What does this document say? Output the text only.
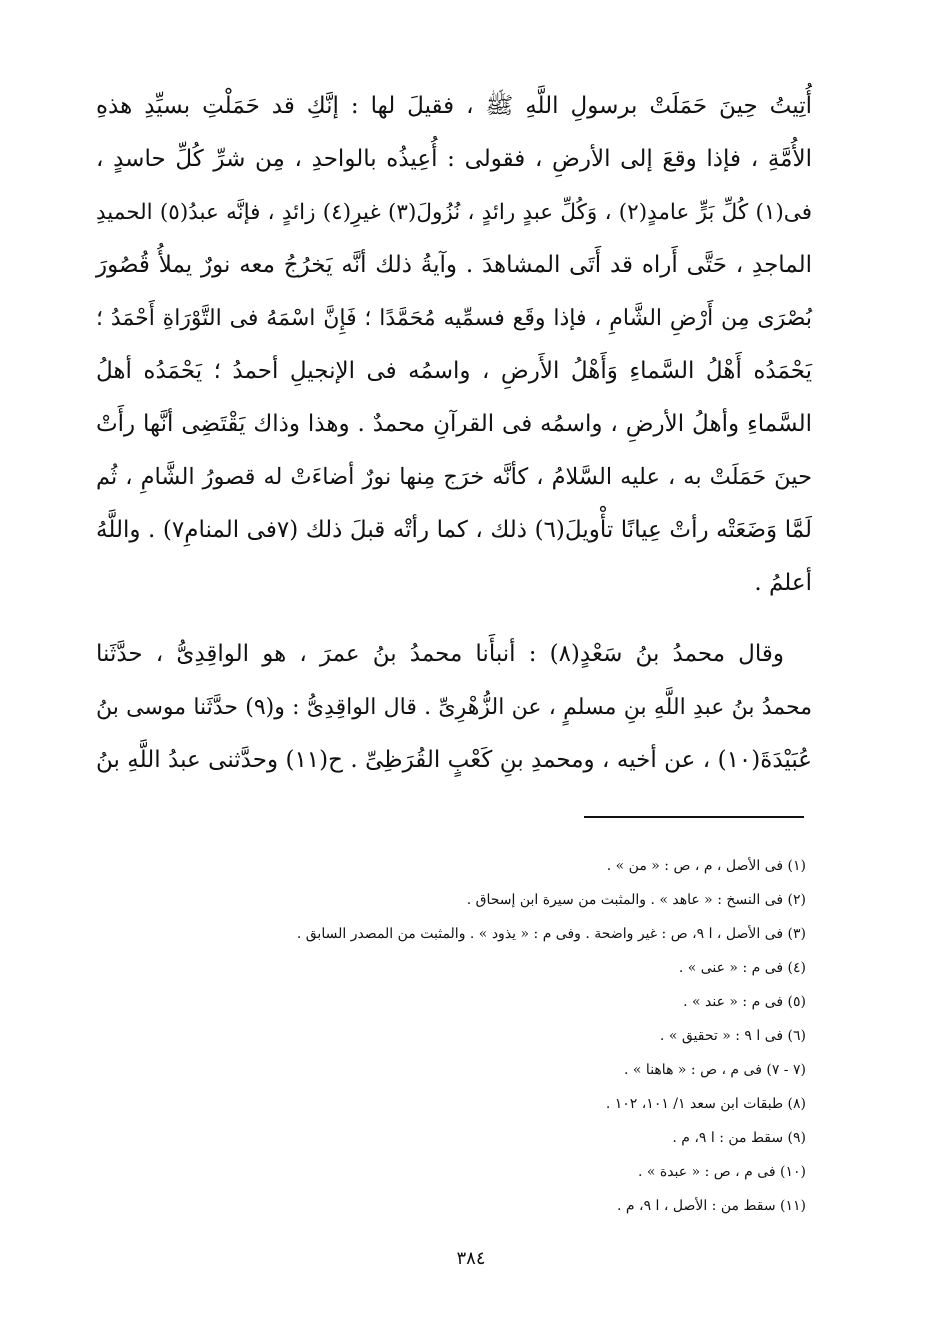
أُتِيتُ حِينَ حَمَلَتْ برسولِ اللَّهِ ﷺ ، فقيلَ لها : إنَّكِ قد حَمَلْتِ بسيِّدِ هذهِ
الأُمَّةِ ، فإذا وقعَ إلى الأرضِ ، فقولى : أُعِيذُه بالواحدِ ، مِن شرِّ كُلِّ حاسدٍ ،
فى(١) كُلِّ بَرٍّ عامدٍ(٢) ، وَكُلِّ عبدٍ رائدٍ ، نُزُولَ(٣) غيرِ(٤) زائدٍ ، فإنَّه عبدُ(٥) الحميدِ
الماجدِ ، حَتَّى أَراه قد أَتَى المشاهدَ . وآيةُ ذلك أنَّه يَخرُجُ معه نورٌ يملأُ قُصُورَ
بُصْرَى مِن أَرْضِ الشَّامِ ، فإذا وقَع فسمِّيه مُحَمَّدًا ؛ فَإِنَّ اسْمَهُ فى التَّوْرَاةِ أَحْمَدُ ؛
يَحْمَدُه أَهْلُ السَّماءِ وَأَهْلُ الأَرضِ ، واسمُه فى الإنجيلِ أحمدُ ؛ يَحْمَدُه أهلُ
السَّماءِ وأهلُ الأرضِ ، واسمُه فى القرآنِ محمدٌ . وهذا وذاك يَقْتَضِى أنَّها رأَتْ
حينَ حَمَلَتْ به ، عليه السَّلامُ ، كأنَّه خرَج مِنها نورٌ أضاءَتْ له قصورُ الشَّامِ ، ثُم
لَمَّا وَضَعَتْه رأتْ عِيانًا تأْويلَ(٦) ذلك ، كما رأتْه قبلَ ذلك (٧فى المنامِ٧) . واللَّهُ
أعلمُ .
وقال محمدُ بنُ سَعْدٍ(٨) : أنبأَنا محمدُ بنُ عمرَ ، هو الواقِدِىُّ ، حدَّثَنا
محمدُ بنُ عبدِ اللَّهِ بنِ مسلمٍ ، عن الزُّهْرِىِّ . قال الواقِدِىُّ : و(٩) حدَّثَنا موسى بنُ
عُبَيْدَةَ(١٠) ، عن أخيه ، ومحمدِ بنِ كَعْبٍ القُرَظِىِّ . ح(١١) وحدَّثنى عبدُ اللَّهِ بنُ
(١) فى الأصل ، م ، ص : « من » .
(٢) فى النسخ : « عاهد » . والمثبت من سيرة ابن إسحاق .
(٣) فى الأصل ، ا ٩، ص : غير واضحة . وفى م : « يذود » . والمثبت من المصدر السابق .
(٤) فى م : « عنى » .
(٥) فى م : « عند » .
(٦) فى ا ٩ : « تحقيق » .
(٧ - ٧) فى م ، ص : « هاهنا » .
(٨) طبقات ابن سعد ١/ ١٠١، ١٠٢ .
(٩) سقط من : ا ٩، م .
(١٠) فى م ، ص : « عبدة » .
(١١) سقط من : الأصل ، ا ٩، م .
٣٨٤
